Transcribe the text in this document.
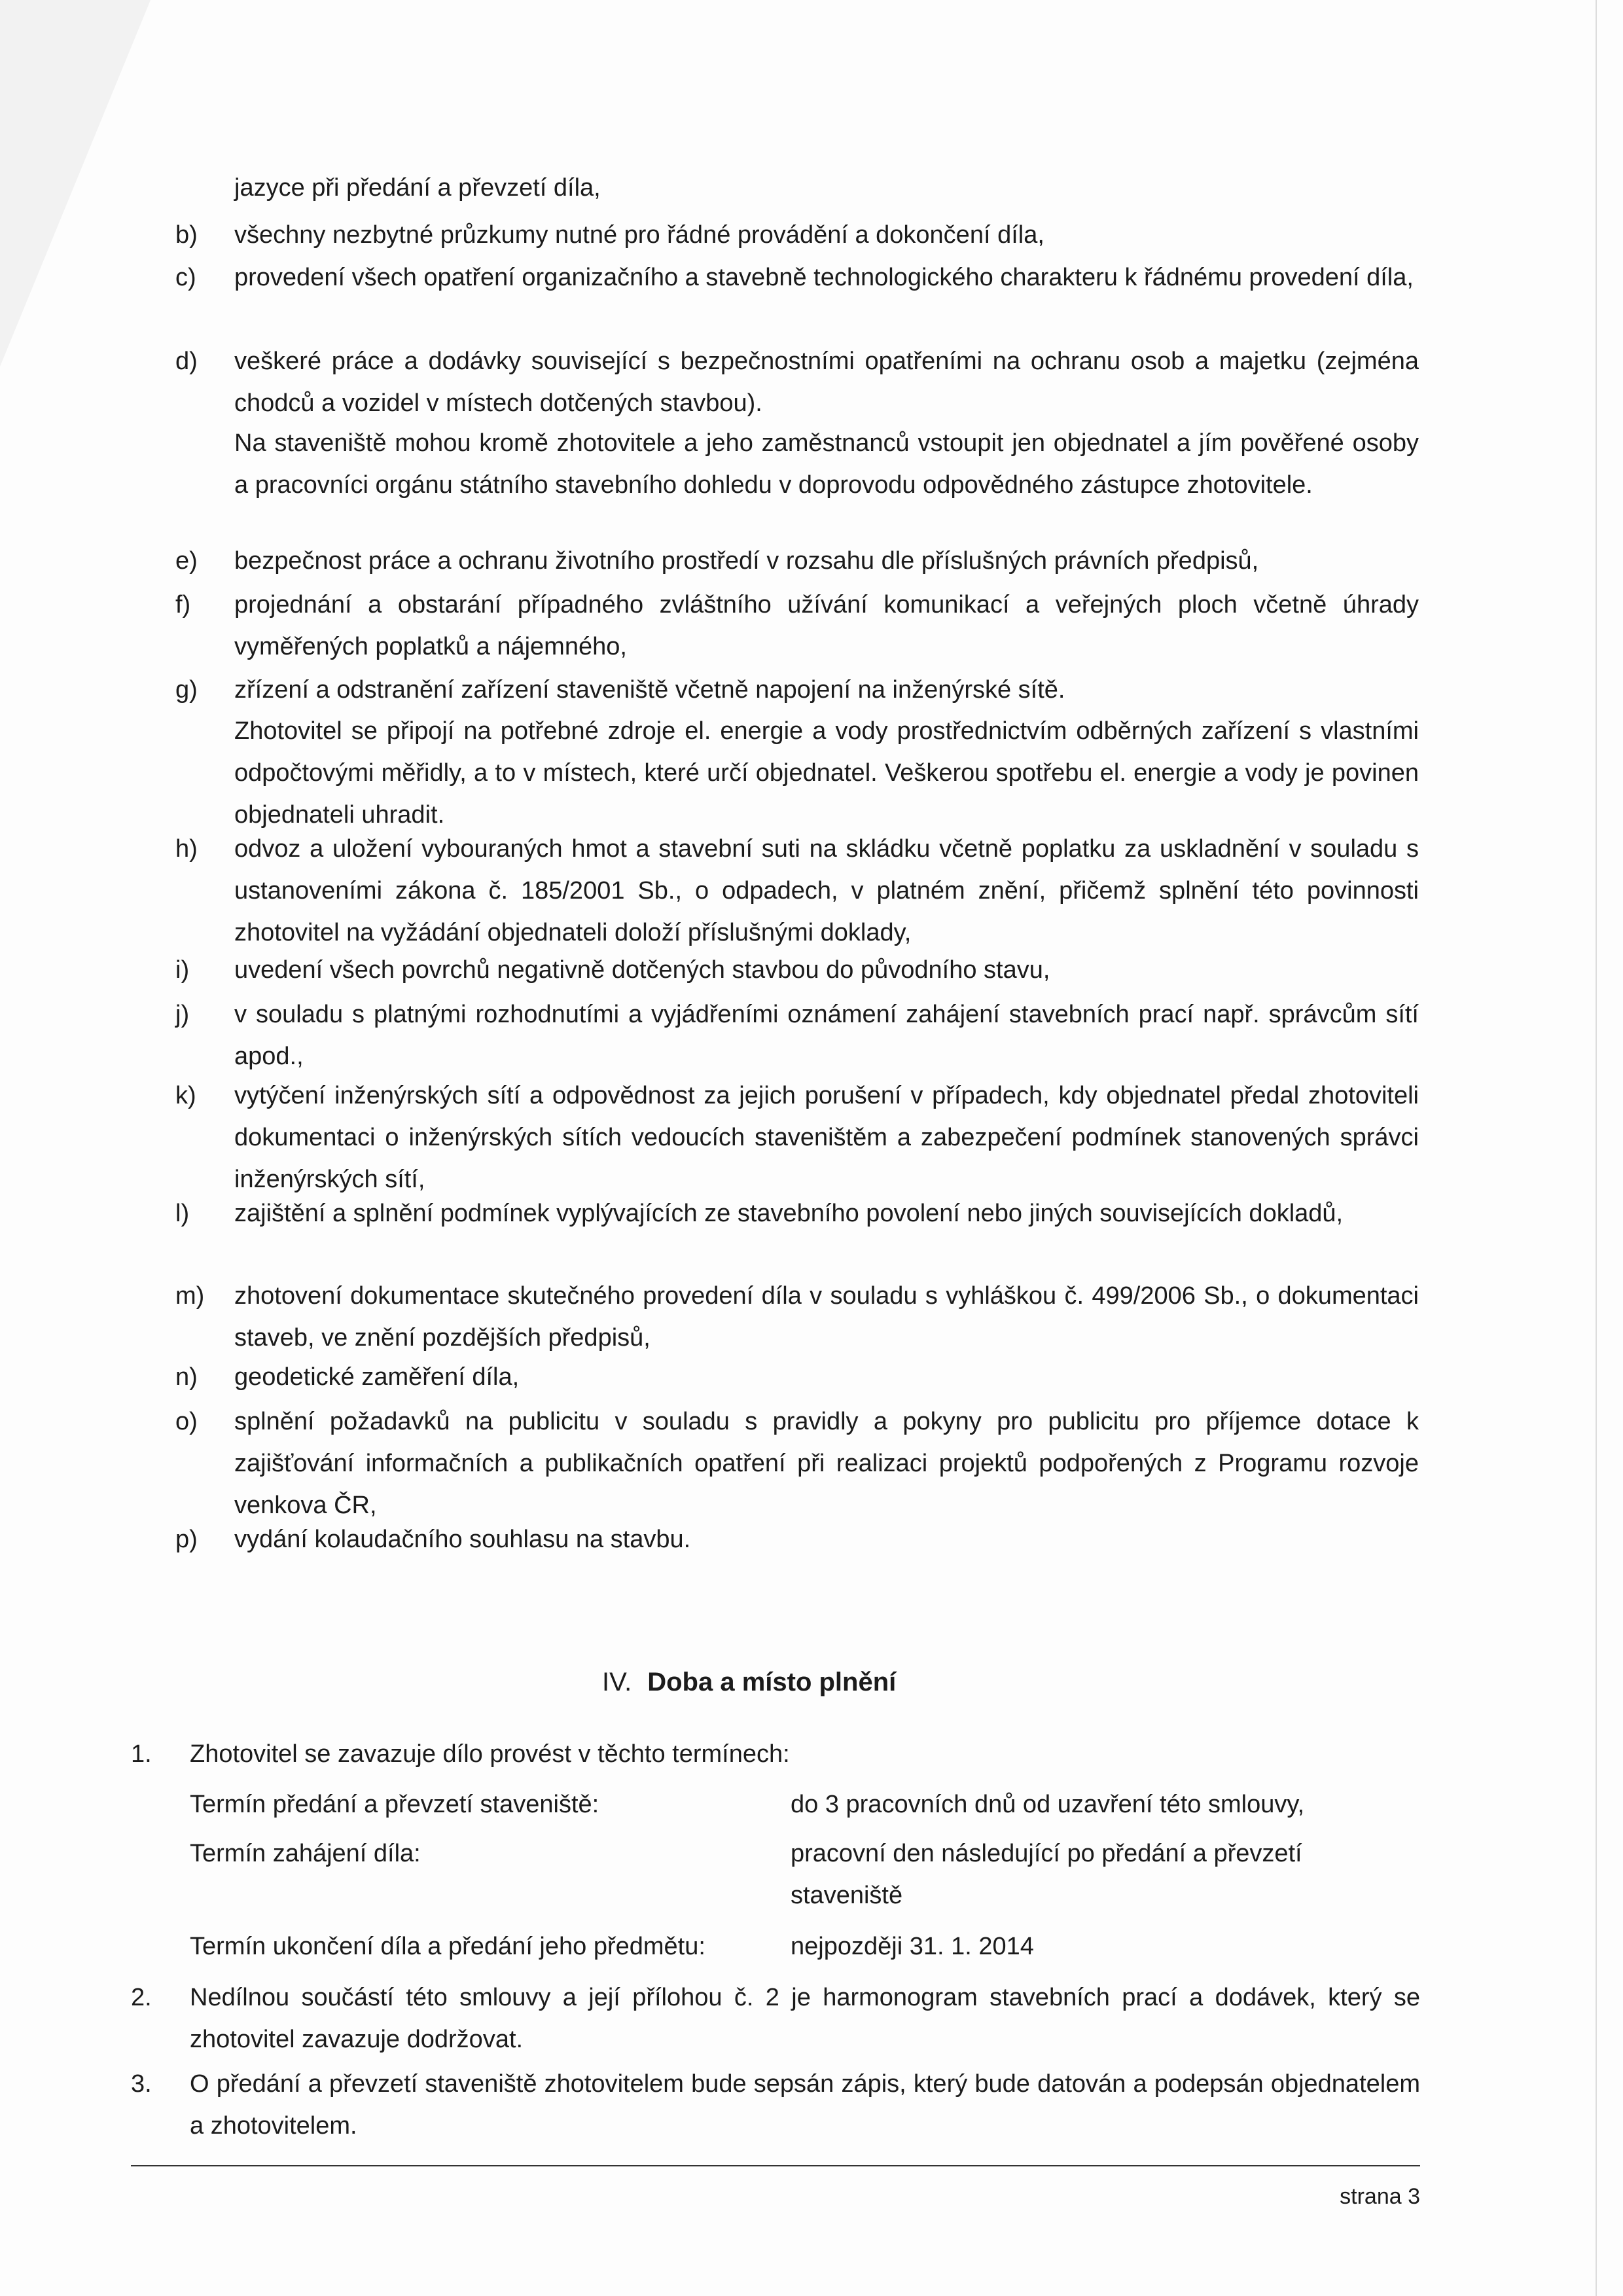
jazyce při předání a převzetí díla,
b) všechny nezbytné průzkumy nutné pro řádné provádění a dokončení díla,
c) provedení všech opatření organizačního a stavebně technologického charakteru k řádnému provedení díla,
d) veškeré práce a dodávky související s bezpečnostními opatřeními na ochranu osob a majetku (zejména chodců a vozidel v místech dotčených stavbou).
Na staveniště mohou kromě zhotovitele a jeho zaměstnanců vstoupit jen objednatel a jím pověřené osoby a pracovníci orgánu státního stavebního dohledu v doprovodu odpovědného zástupce zhotovitele.
e) bezpečnost práce a ochranu životního prostředí v rozsahu dle příslušných právních předpisů,
f) projednání a obstarání případného zvláštního užívání komunikací a veřejných ploch včetně úhrady vyměřených poplatků a nájemného,
g) zřízení a odstranění zařízení staveniště včetně napojení na inženýrské sítě.
Zhotovitel se připojí na potřebné zdroje el. energie a vody prostřednictvím odběrných zařízení s vlastními odpočtovými měřidly, a to v místech, které určí objednatel. Veškerou spotřebu el. energie a vody je povinen objednateli uhradit.
h) odvoz a uložení vybouraných hmot a stavební suti na skládku včetně poplatku za uskladnění v souladu s ustanoveními zákona č. 185/2001 Sb., o odpadech, v platném znění, přičemž splnění této povinnosti zhotovitel na vyžádání objednateli doloží příslušnými doklady,
i) uvedení všech povrchů negativně dotčených stavbou do původního stavu,
j) v souladu s platnými rozhodnutími a vyjádřeními oznámení zahájení stavebních prací např. správcům sítí apod.,
k) vytýčení inženýrských sítí a odpovědnost za jejich porušení v případech, kdy objednatel předal zhotoviteli dokumentaci o inženýrských sítích vedoucích staveništěm a zabezpečení podmínek stanovených správci inženýrských sítí,
l) zajištění a splnění podmínek vyplývajících ze stavebního povolení nebo jiných souvisejících dokladů,
m) zhotovení dokumentace skutečného provedení díla v souladu s vyhláškou č. 499/2006 Sb., o dokumentaci staveb, ve znění pozdějších předpisů,
n) geodetické zaměření díla,
o) splnění požadavků na publicitu v souladu s pravidly a pokyny pro publicitu pro příjemce dotace k zajišťování informačních a publikačních opatření při realizaci projektů podpořených z Programu rozvoje venkova ČR,
p) vydání kolaudačního souhlasu na stavbu.
IV. Doba a místo plnění
1. Zhotovitel se zavazuje dílo provést v těchto termínech:
Termín předání a převzetí staveniště:	do 3 pracovních dnů od uzavření této smlouvy,
Termín zahájení díla:	pracovní den následující po předání a převzetí staveniště
Termín ukončení díla a předání jeho předmětu:	nejpozději 31. 1. 2014
2. Nedílnou součástí této smlouvy a její přílohou č. 2 je harmonogram stavebních prací a dodávek, který se zhotovitel zavazuje dodržovat.
3. O předání a převzetí staveniště zhotovitelem bude sepsán zápis, který bude datován a podepsán objednatelem a zhotovitelem.
strana 3
